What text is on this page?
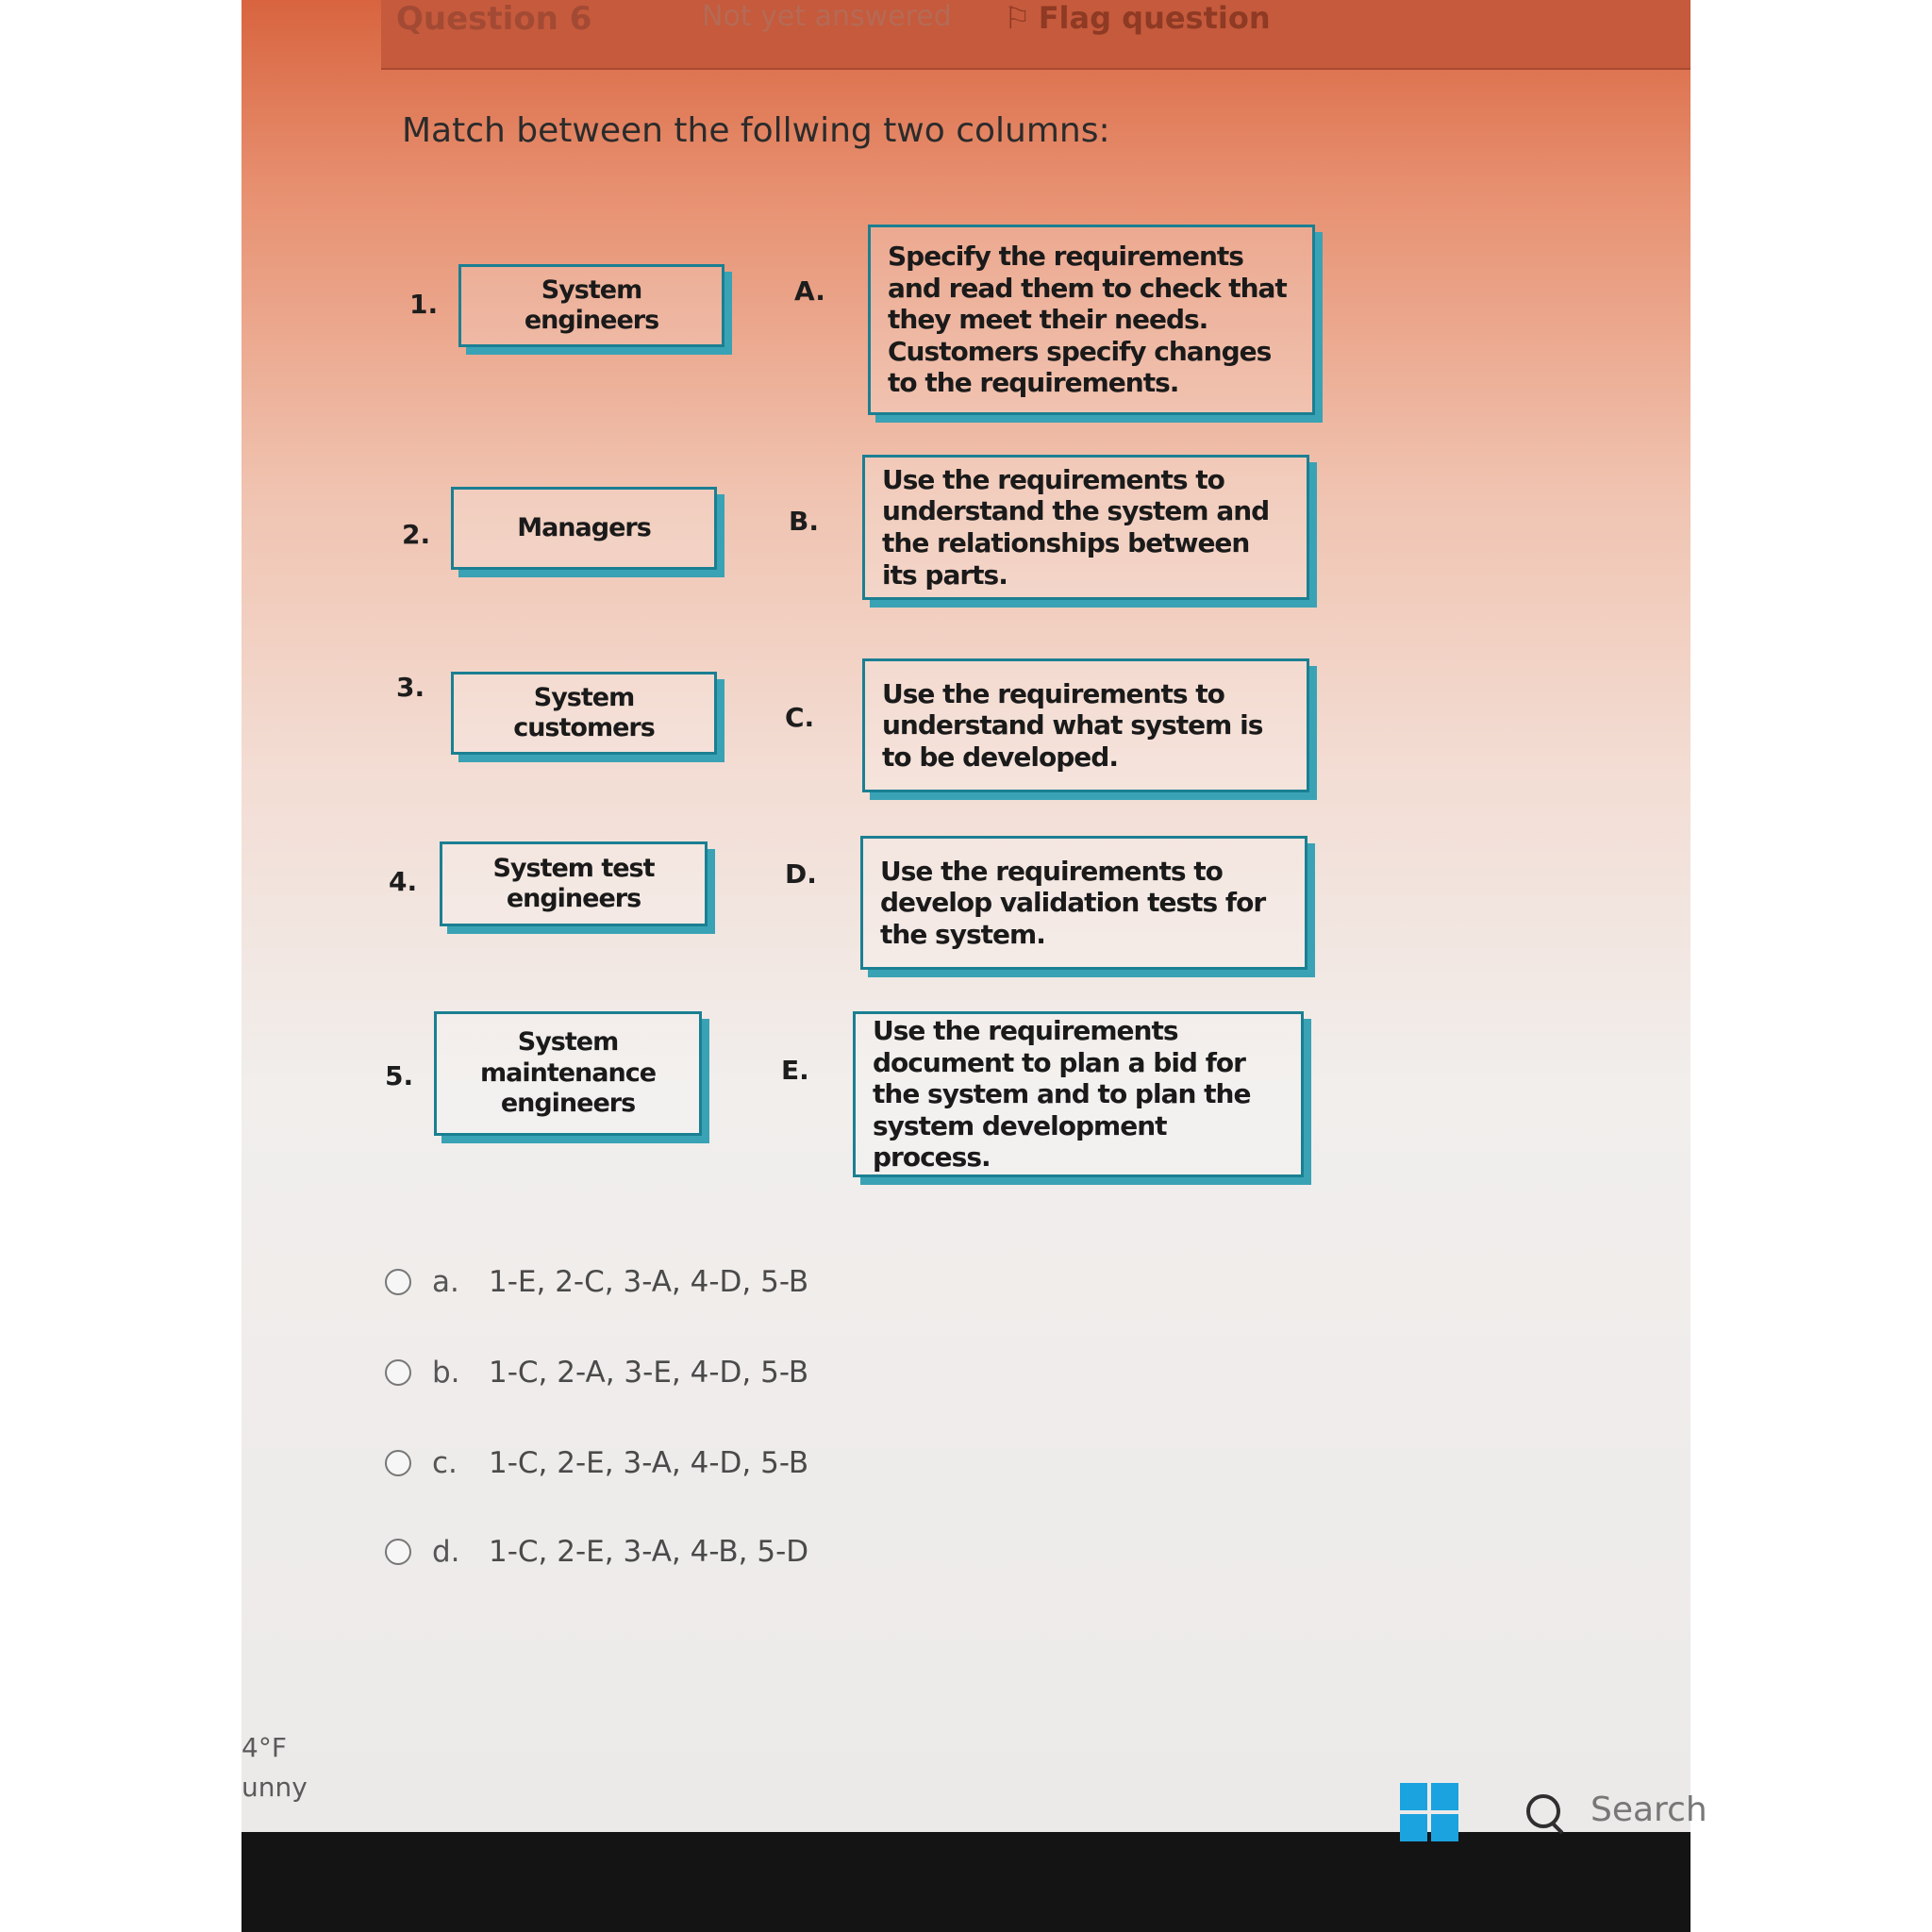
Question 6	Not yet answered ⚐ Flag question
Match between the follwing two columns:
1.	System engineers
2.	Managers
3.	System customers
4.	System test engineers
5.
System maintenance engineers
A.
Specify the requirements and read them to check that they meet their needs. Customers specify changes to the requirements.
B.
Use the requirements to understand the system and the relationships between its parts.
C.
Use the requirements to understand what system is to be developed.
D. Use the requirements to develop validation tests for the system.
E.
Use the requirements document to plan a bid for the system and to plan the system development process.
a.	1-E, 2-C, 3-A, 4-D, 5-B
b. 1-C, 2-A, 3-E, 4-D, 5-B
c.	1-C, 2-E, 3-A, 4-D, 5-B
d. 1-C, 2-E, 3-A, 4-B, 5-D
4°F
unny
Search
